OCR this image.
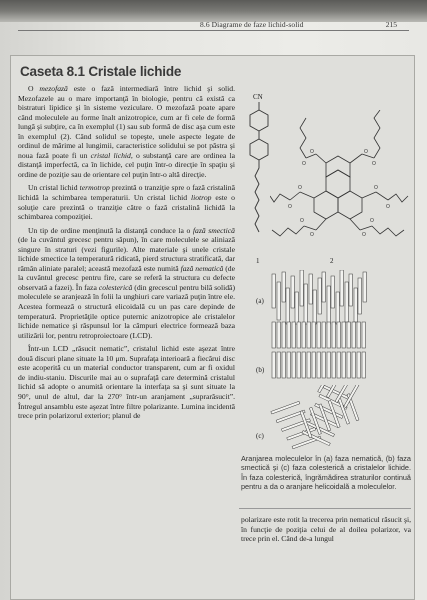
8.6 Diagrame de faze lichid-solid	215
Caseta 8.1 Cristale lichide

O mezofază este o fază intermediară între lichid şi solid. Mezofazele au o mare importanţă în biologie, pentru că există ca bistraturi lipidice şi în sisteme veziculare. O mezofază poate apare când moleculele au forme înalt anizotropice, cum ar fi cele de formă lungă şi subţire, ca în exemplul (1) sau sub formă de disc aşa cum este în exemplul (2). Când solidul se topeşte, unele aspecte legate de ordinul de mărime al lungimii, caracteristice solidului se pot păstra şi noua fază poate fi un cristal lichid, o substanţă care are ordinea la distanţă imperfectă, ca în lichide, cel puţin într-o direcţie în spaţiu şi ordine de poziţie sau de orientare cel puţin într-o altă direcţie.

Un cristal lichid termotrop prezintă o tranziţie spre o fază cristalină lichidă la schimbarea temperaturii. Un cristal lichid liotrop este o soluţie care prezintă o tranziţie către o fază cristalină lichidă la schimbarea compoziţiei.

Un tip de ordine menţinută la distanţă conduce la o fază smectică (de la cuvântul grecesc pentru săpun), în care moleculele se aliniază singure în straturi (vezi figurile). Alte materiale şi unele cristale lichide smectice la temperatură ridicată, pierd structura stratificată, dar rămân aliniate paralel; această mezofază este numită fază nematică (de la cuvântul grecesc pentru fire, care se referă la structura cu defecte observată a fazei). În faza colesterică (din grecescul pentru bilă solidă) moleculele se aranjează în folii la unghiuri care variază puţin între ele. Acestea formează o structură elicoidală cu un pas care depinde de temperatură. Proprietăţile optice puternic anizotropice ale cristalelor lichide nematice şi răspunsul lor la câmpuri electrice formează baza utilizării lor, pentru retroproiectoare (LCD).

Într-un LCD „răsucit nematic”, cristalul lichid este aşezat între două discuri plane situate la 10 μm. Suprafaţa interioară a fiecărui disc este acoperită cu un material conductor transparent, cum ar fi oxidul de indiu-staniu. Discurile mai au o suprafaţă care determină cristalul lichid să adopte o anumită orientare la interfaţa sa şi sunt situate la 90°, unul de altul, dar la 270° într-un aranjament „suprarăsucit”. Întregul ansamblu este aşezat între filtre polarizante. Lumina incidentă trece prin polarizorul exterior; planul de

CN
1
O	O
O	O
O	O
O	O
O	O
O	O
2
(a)
(b)
(c)
Aranjarea moleculelor în (a) faza nematică, (b) faza smectică şi (c) faza colesterică a cristalelor lichide. În faza colesterică, îngrămădirea straturilor continuă pentru a da o aranjare helicoidală a moleculelor.
polarizare este rotit la trecerea prin nematicul răsucit şi, în funcţie de poziţia celui de al doilea polarizor, va trece prin el. Când de-a lungul
